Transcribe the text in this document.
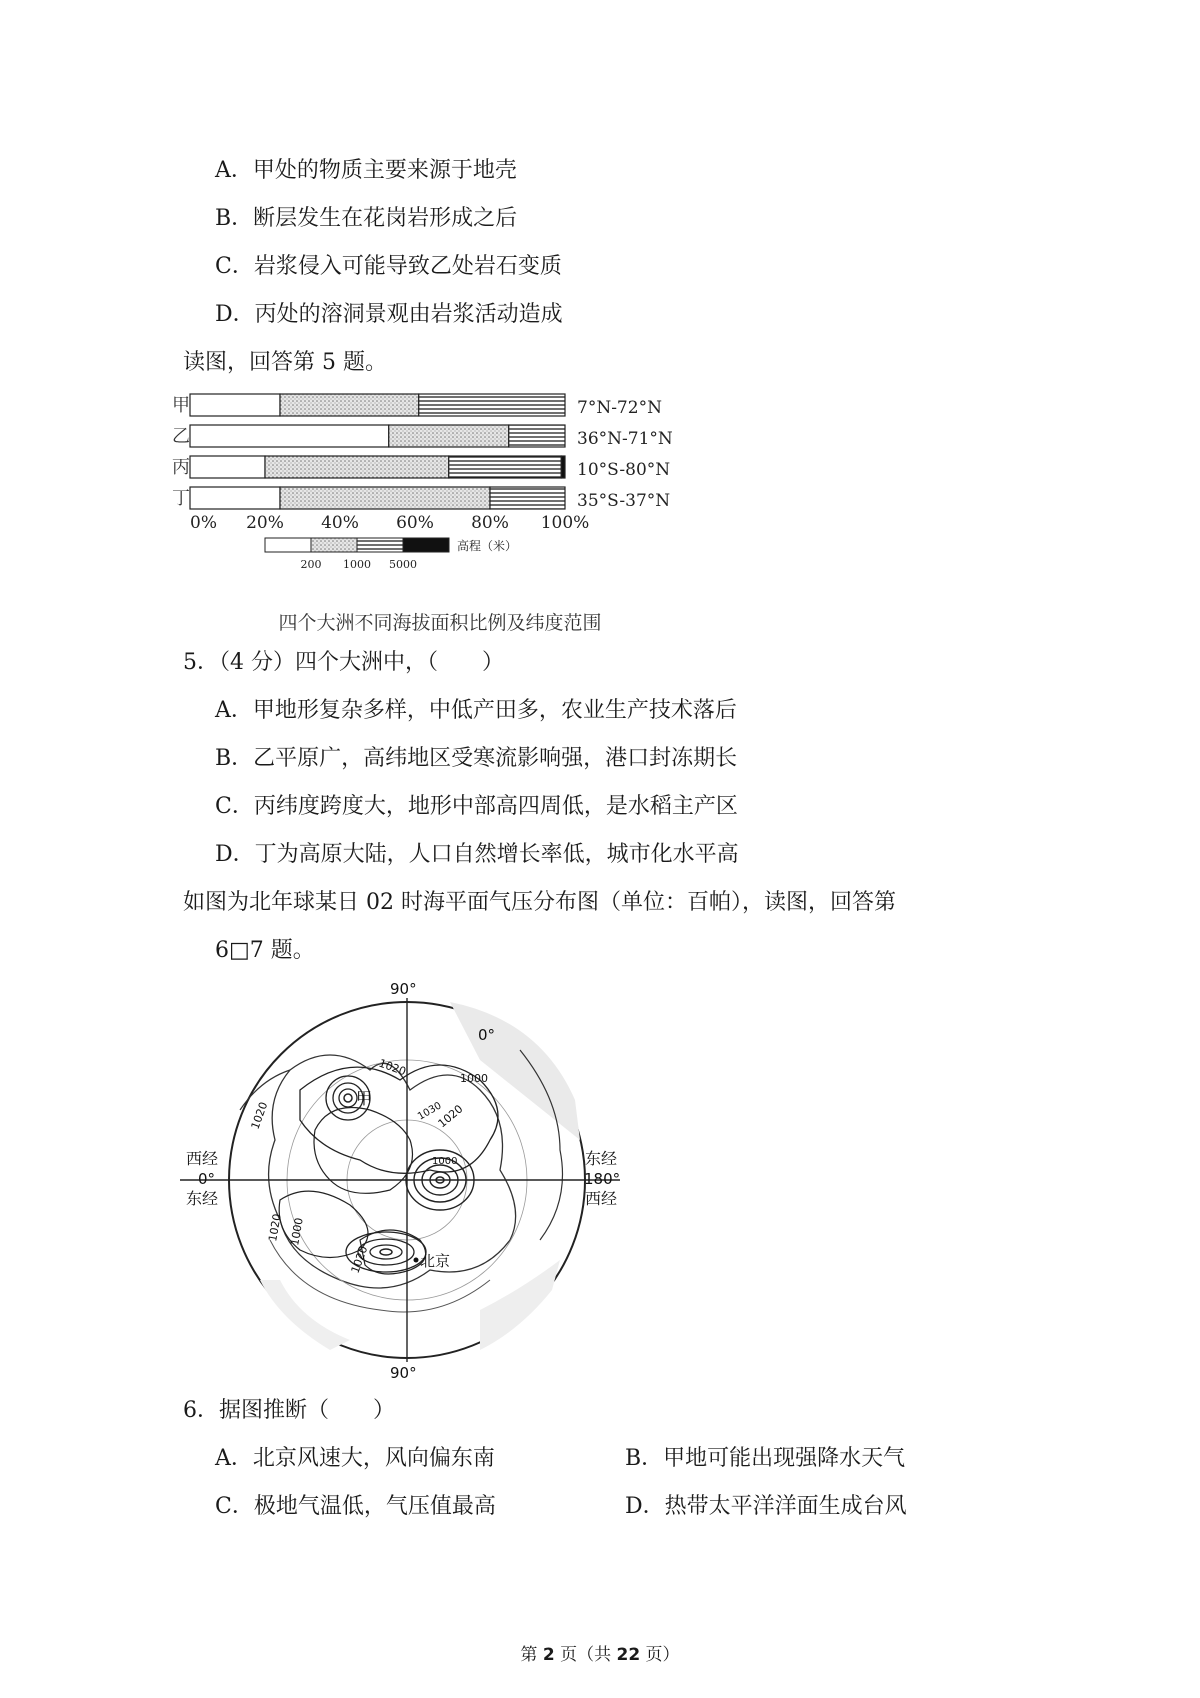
A．甲处的物质主要来源于地壳
B．断层发生在花岗岩形成之后
C．岩浆侵入可能导致乙处岩石变质
D．丙处的溶洞景观由岩浆活动造成
读图，回答第 5 题。
甲	7°N-72°N
乙	36°N-71°N
丙	10°S-80°N
丁	35°S-37°N
0% 20% 40% 60% 80% 100%
高程（米）
200 1000 5000
四个大洲不同海拔面积比例及纬度范围
5．（4 分）四个大洲中，（　　）
A．甲地形复杂多样，中低产田多，农业生产技术落后
B．乙平原广，高纬地区受寒流影响强，港口封冻期长
C．丙纬度跨度大，地形中部高四周低，是水稻主产区
D．丁为高原大陆，人口自然增长率低，城市化水平高
如图为北年球某日 02 时海平面气压分布图（单位：百帕），读图，回答第
6□7 题。
90°
90°
西经
0°
东经
东经
180°
西经
0°
甲
北京
1020
1000
1020	1030
1020
1000
1020 1000
1020
6．据图推断（　　）
A．北京风速大，风向偏东南	B．甲地可能出现强降水天气
C．极地气温低，气压值最高	D．热带太平洋洋面生成台风
第 2 页（共 22 页）
